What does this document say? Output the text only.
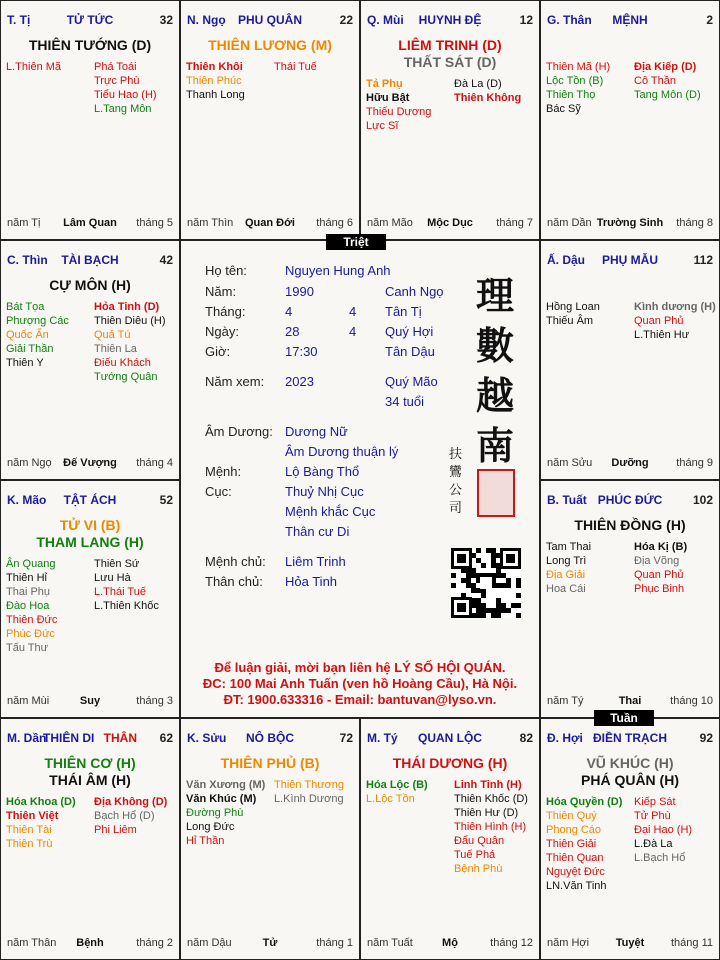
T. Tị	TỬ TỨC	32
THIÊN TƯỚNG (D)
L.Thiên Mã	Phá Toái
Trực Phù
Tiểu Hao (H)
L.Tang Môn
năm Tị	Lâm Quan	tháng 5
N. Ngọ	PHU QUÂN	22
THIÊN LƯƠNG (M)
Thiên Khôi
Thiên Phúc
Thanh Long
Thái Tuế
năm Thìn	Quan Đới	tháng 6
Q. Mùi	HUYNH ĐỆ	12
LIÊM TRINH (D)
THẤT SÁT (D)
Tả Phụ
Hữu Bật
Thiếu Dương
Lực Sĩ
Đà La (D)
Thiên Không
năm Mão	Mộc Dục	tháng 7
G. Thân	MỆNH	2
Thiên Mã (H)
Lộc Tồn (B)
Thiên Thọ
Bác Sỹ
Địa Kiếp (D)
Cô Thần
Tang Môn (D)
năm Dần Trường Sinh	tháng 8
C. Thìn	TÀI BẠCH	42
CỰ MÔN (H)
Bát Tọa
Phượng Các
Quốc Ấn
Giải Thần
Thiên Y
Hỏa Tinh (D)
Thiên Diêu (H)
Quả Tú
Thiên La
Điếu Khách
Tướng Quân
năm Ngọ	Đế Vượng	tháng 4
Ấ. Dậu	PHỤ MẪU	112
Hồng Loan
Thiếu Âm
Kình dương (H)
Quan Phủ
L.Thiên Hư
năm Sửu	Dưỡng	tháng 9
K. Mão	TẬT ÁCH	52
TỬ VI (B)
THAM LANG (H)
Ân Quang
Thiên Hỉ
Thai Phụ
Đào Hoa
Thiên Đức
Phúc Đức
Tấu Thư
Thiên Sứ
Lưu Hà
L.Thái Tuế
L.Thiên Khốc
năm Mùi	Suy	tháng 3
B. Tuất PHÚC ĐỨC	102
THIÊN ĐỒNG (H)
Tam Thai
Long Trì
Địa Giải
Hoa Cái
Hóa Kị (B)
Địa Võng
Quan Phủ
Phục Binh
năm Tý	Thai	tháng 10
M. Dần
THIÊN DI THÂN	62
THIÊN CƠ (H)
THÁI ÂM (H)
Hóa Khoa (D)
Thiên Việt
Thiên Tài
Thiên Trù
Địa Không (D)
Bạch Hổ (D)
Phi Liêm
năm Thân	Bệnh	tháng 2
K. Sửu	NÔ BỘC	72
THIÊN PHỦ (B)
Văn Xương (M)
Văn Khúc (M)
Đường Phù
Long Đức
Hỉ Thần
Thiên Thương
L.Kình Dương
năm Dậu	Tử	tháng 1
M. Tý	QUAN LỘC	82
THÁI DƯƠNG (H)
Hóa Lộc (B)
L.Lộc Tồn
Linh Tinh (H)
Thiên Khốc (D)
Thiên Hư (D)
Thiên Hình (H)
Đẩu Quân
Tuế Phá
Bệnh Phù
năm Tuất	Mộ	tháng 12
Đ. Hợi ĐIỀN TRẠCH	92
VŨ KHÚC (H)
PHÁ QUÂN (H)
Hóa Quyền (D)
Thiên Quý
Phong Cáo
Thiên Giải
Thiên Quan
Nguyệt Đức
LN.Văn Tinh
Kiếp Sát
Tử Phù
Đại Hao (H)
L.Đà La
L.Bạch Hổ
năm Hợi	Tuyệt	tháng 11
Họ tên:	Nguyen Hung Anh
Năm:	1990	Canh Ngọ
Tháng:	4	4 Tân Tị
Ngày:	28	4 Quý Hợi
Giờ:	17:30	Tân Dậu
Năm xem: 2023	Quý Mão
34 tuổi
Âm Dương: Dương Nữ
Âm Dương thuận lý
Mệnh:	Lộ Bàng Thổ
Cục:	Thuỷ Nhị Cục
Mệnh khắc Cục
Thân cư Di
Mệnh chủ: Liêm Trinh
Thân chủ: Hỏa Tinh
理
數
越
南
扶
鸞
公
司
Để luận giải, mời bạn liên hệ LÝ SỐ HỘI QUÁN.
ĐC: 100 Mai Anh Tuấn (ven hồ Hoàng Cầu), Hà Nội.
ĐT: 1900.633316 - Email: bantuvan@lyso.vn.
Triệt
Tuần
